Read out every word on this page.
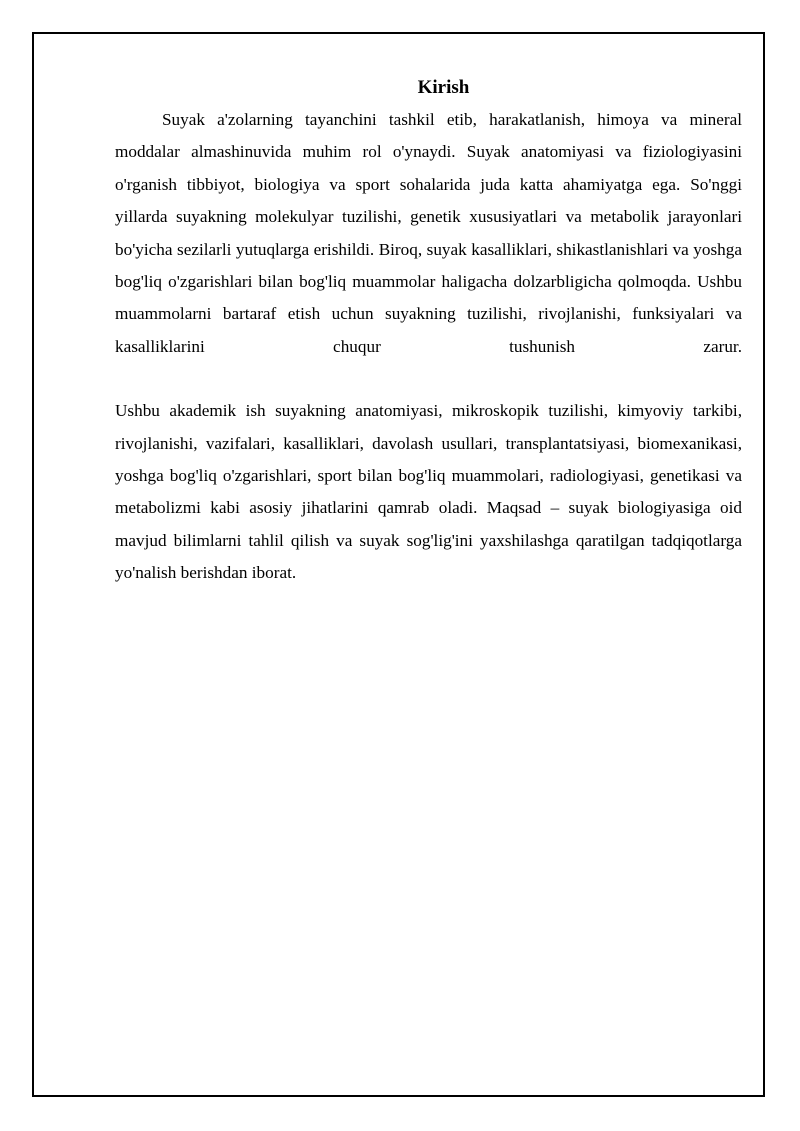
Kirish

Suyak a'zolarning tayanchini tashkil etib, harakatlanish, himoya va mineral moddalar almashinuvida muhim rol o'ynaydi. Suyak anatomiyasi va fiziologiyasini o'rganish tibbiyot, biologiya va sport sohalarida juda katta ahamiyatga ega. So'nggi yillarda suyakning molekulyar tuzilishi, genetik xususiyatlari va metabolik jarayonlari bo'yicha sezilarli yutuqlarga erishildi. Biroq, suyak kasalliklari, shikastlanishlari va yoshga bog'liq o'zgarishlari bilan bog'liq muammolar haligacha dolzarbligicha qolmoqda. Ushbu muammolarni bartaraf etish uchun suyakning tuzilishi, rivojlanishi, funksiyalari va kasalliklarini chuqur tushunish zarur.

Ushbu akademik ish suyakning anatomiyasi, mikroskopik tuzilishi, kimyoviy tarkibi, rivojlanishi, vazifalari, kasalliklari, davolash usullari, transplantatsiyasi, biomexanikasi, yoshga bog'liq o'zgarishlari, sport bilan bog'liq muammolari, radiologiyasi, genetikasi va metabolizmi kabi asosiy jihatlarini qamrab oladi. Maqsad – suyak biologiyasiga oid mavjud bilimlarni tahlil qilish va suyak sog'lig'ini yaxshilashga qaratilgan tadqiqotlarga yo'nalish berishdan iborat.
